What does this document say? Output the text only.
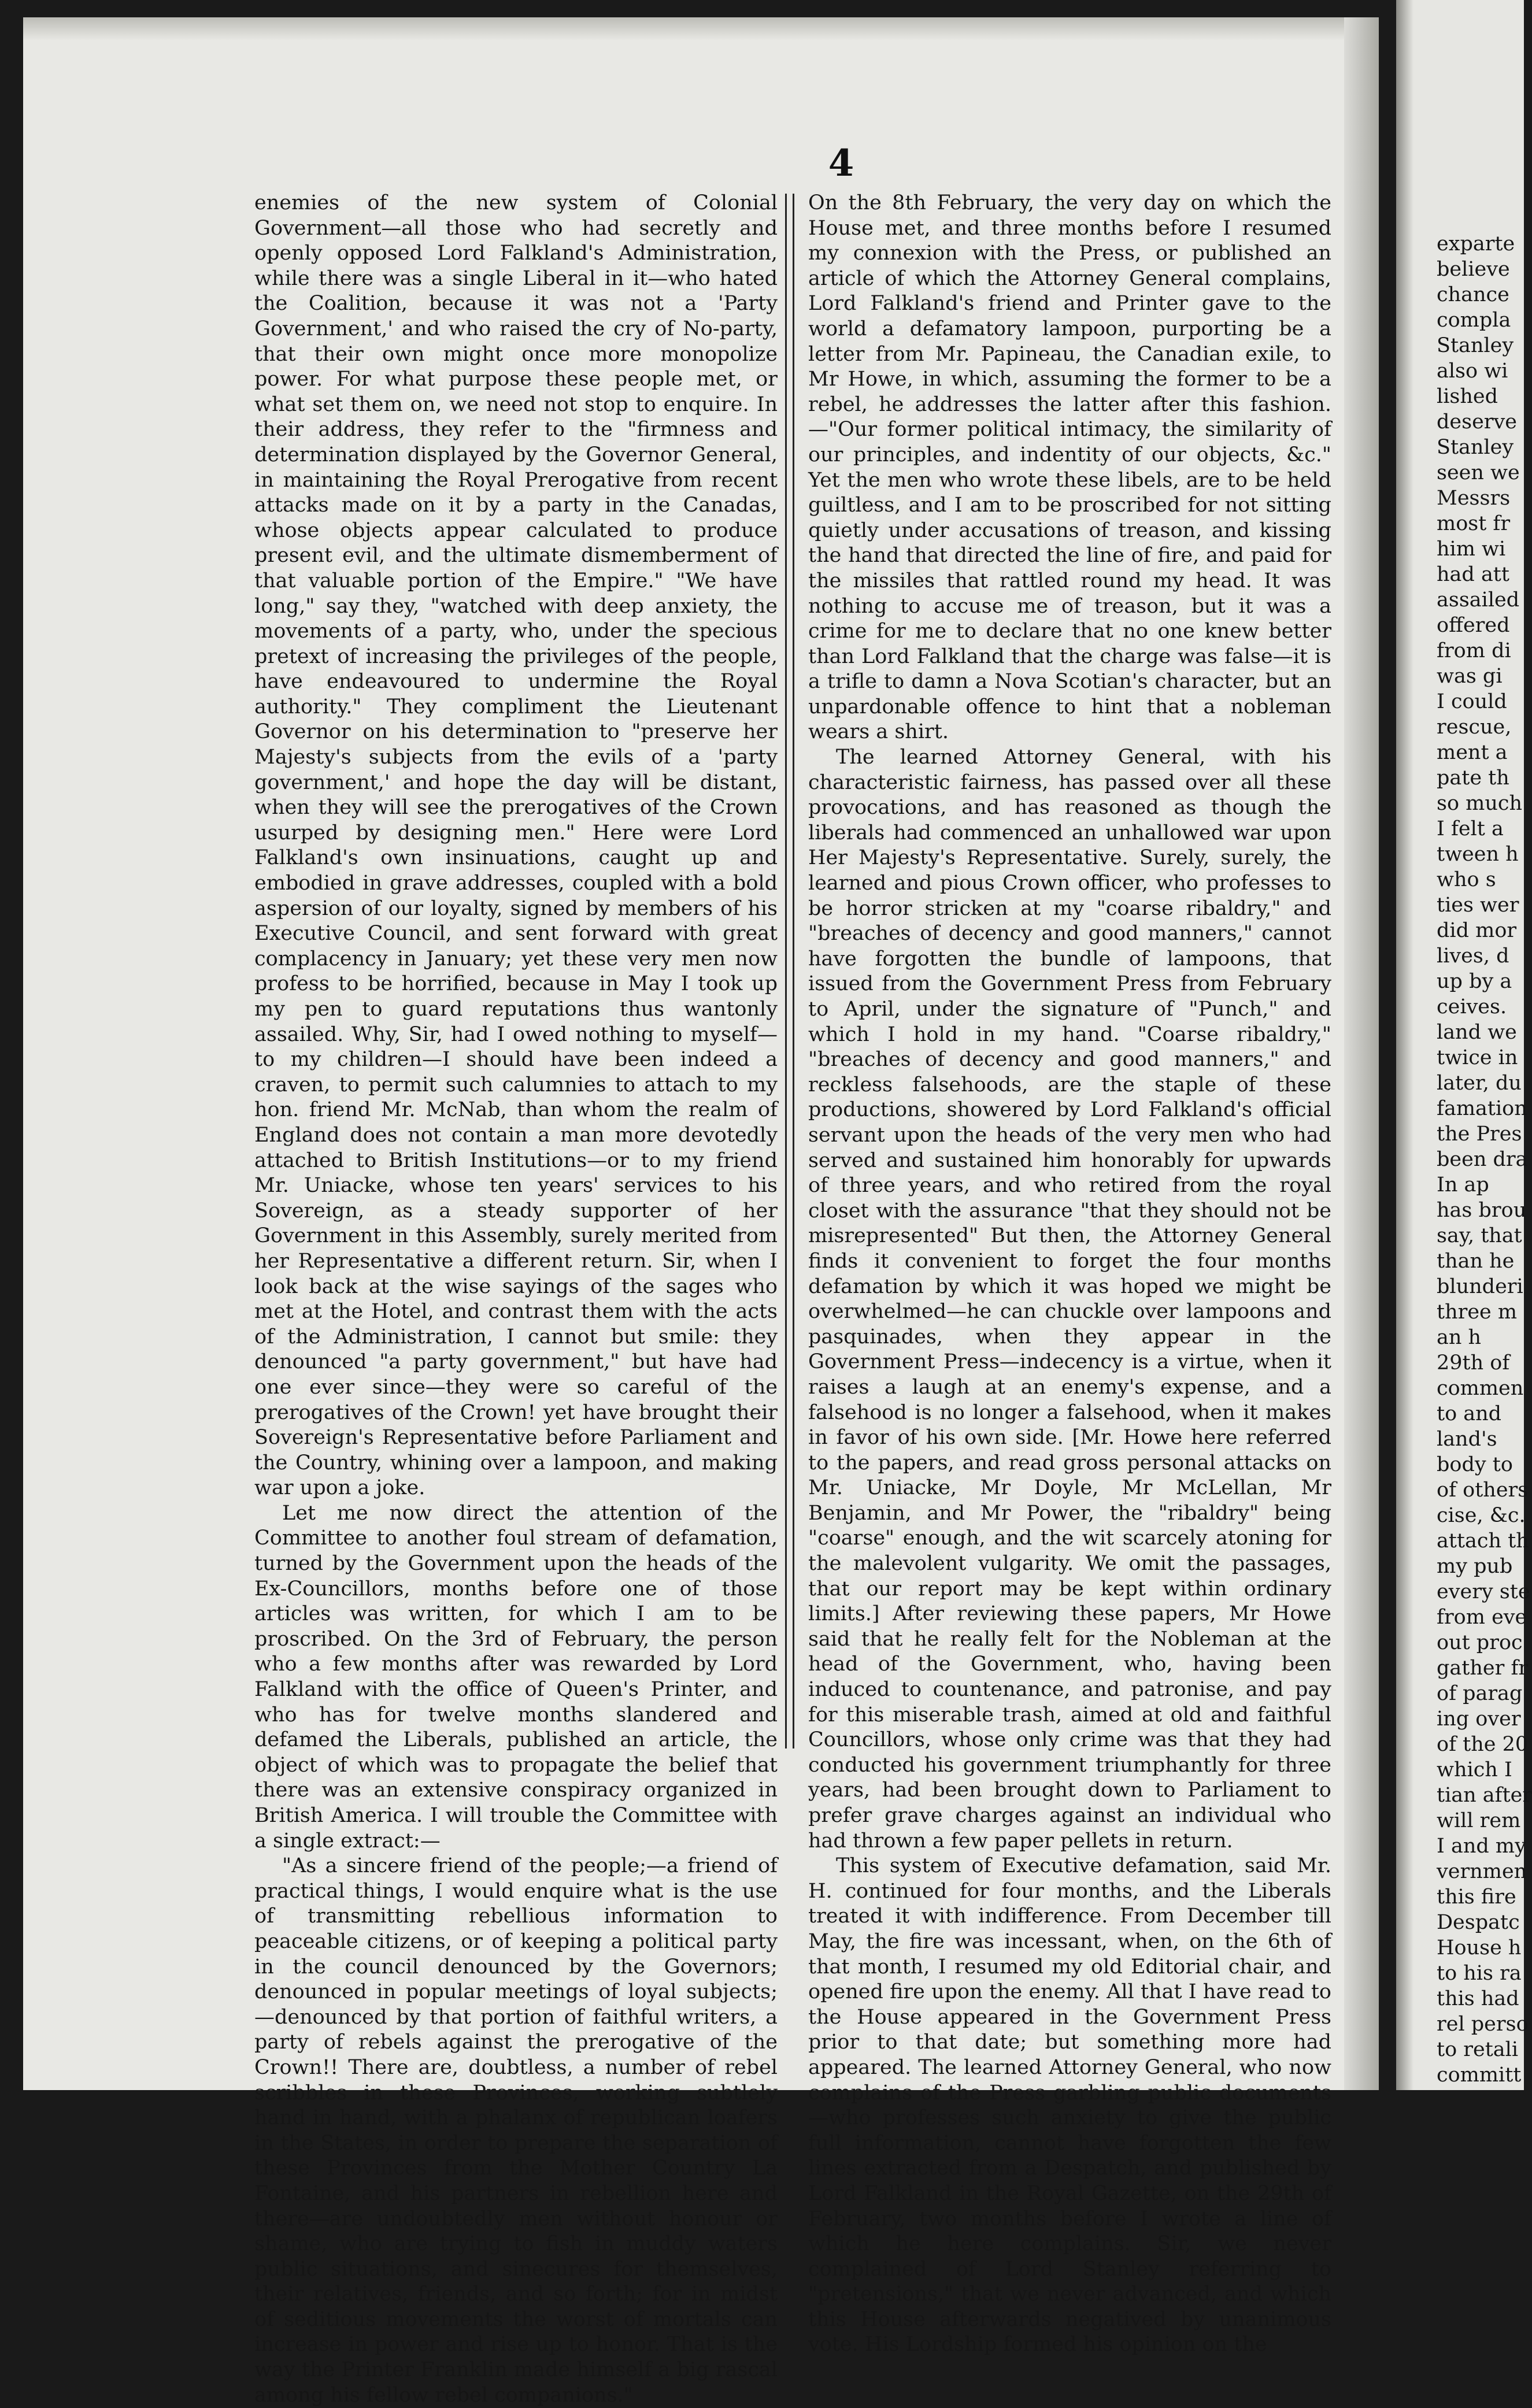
4

enemies of the new system of Colonial Government—all those who had secretly and openly opposed Lord Falkland's Administration, while there was a single Liberal in it—who hated the Coalition, because it was not a 'Party Government,' and who raised the cry of No-party, that their own might once more monopolize power. For what purpose these people met, or what set them on, we need not stop to enquire. In their address, they refer to the "firmness and determination displayed by the Governor General, in maintaining the Royal Prerogative from recent attacks made on it by a party in the Canadas, whose objects appear calculated to produce present evil, and the ultimate dismemberment of that valuable portion of the Empire." "We have long," say they, "watched with deep anxiety, the movements of a party, who, under the specious pretext of increasing the privileges of the people, have endeavoured to undermine the Royal authority." They compliment the Lieutenant Governor on his determination to "preserve her Majesty's subjects from the evils of a 'party government,' and hope the day will be distant, when they will see the prerogatives of the Crown usurped by designing men." Here were Lord Falkland's own insinuations, caught up and embodied in grave addresses, coupled with a bold aspersion of our loyalty, signed by members of his Executive Council, and sent forward with great complacency in January; yet these very men now profess to be horrified, because in May I took up my pen to guard reputations thus wantonly assailed. Why, Sir, had I owed nothing to myself—to my children—I should have been indeed a craven, to permit such calumnies to attach to my hon. friend Mr. McNab, than whom the realm of England does not contain a man more devotedly attached to British Institutions—or to my friend Mr. Uniacke, whose ten years' services to his Sovereign, as a steady supporter of her Government in this Assembly, surely merited from her Representative a different return. Sir, when I look back at the wise sayings of the sages who met at the Hotel, and contrast them with the acts of the Administration, I cannot but smile: they denounced "a party government," but have had one ever since—they were so careful of the prerogatives of the Crown! yet have brought their Sovereign's Representative before Parliament and the Country, whining over a lampoon, and making war upon a joke.

Let me now direct the attention of the Committee to another foul stream of defamation, turned by the Government upon the heads of the Ex-Councillors, months before one of those articles was written, for which I am to be proscribed. On the 3rd of February, the person who a few months after was rewarded by Lord Falkland with the office of Queen's Printer, and who has for twelve months slandered and defamed the Liberals, published an article, the object of which was to propagate the belief that there was an extensive conspiracy organized in British America. I will trouble the Committee with a single extract:—

"As a sincere friend of the people;—a friend of practical things, I would enquire what is the use of transmitting rebellious information to peaceable citizens, or of keeping a political party in the council denounced by the Governors; denounced in popular meetings of loyal subjects;—denounced by that portion of faithful writers, a party of rebels against the prerogative of the Crown!! There are, doubtless, a number of rebel scribbles in these Provinces, working subtlely hand in hand, with a phalanx of republican loafers in the States, in order to prepare the separation of these Provinces from the Mother Country La Fontaine, and his partners in rebellion here and there—are undoubtedly men without honour or shame, who are trying to fish in muddy waters public situations, and sinecures for themselves, their relatives, friends, and so forth; for in midst of seditious movements the worst of mortals can increase in power and rise up to honor. That is the way the Printer Franklin made himself a big rascal among his fellow rebel companions."

On the 8th February, the very day on which the House met, and three months before I resumed my connexion with the Press, or published an article of which the Attorney General complains, Lord Falkland's friend and Printer gave to the world a defamatory lampoon, purporting be a letter from Mr. Papineau, the Canadian exile, to Mr Howe, in which, assuming the former to be a rebel, he addresses the latter after this fashion.—"Our former political intimacy, the similarity of our principles, and indentity of our objects, &c." Yet the men who wrote these libels, are to be held guiltless, and I am to be proscribed for not sitting quietly under accusations of treason, and kissing the hand that directed the line of fire, and paid for the missiles that rattled round my head. It was nothing to accuse me of treason, but it was a crime for me to declare that no one knew better than Lord Falkland that the charge was false—it is a trifle to damn a Nova Scotian's character, but an unpardonable offence to hint that a nobleman wears a shirt.

The learned Attorney General, with his characteristic fairness, has passed over all these provocations, and has reasoned as though the liberals had commenced an unhallowed war upon Her Majesty's Representative. Surely, surely, the learned and pious Crown officer, who professes to be horror stricken at my "coarse ribaldry," and "breaches of decency and good manners," cannot have forgotten the bundle of lampoons, that issued from the Government Press from February to April, under the signature of "Punch," and which I hold in my hand. "Coarse ribaldry," "breaches of decency and good manners," and reckless falsehoods, are the staple of these productions, showered by Lord Falkland's official servant upon the heads of the very men who had served and sustained him honorably for upwards of three years, and who retired from the royal closet with the assurance "that they should not be misrepresented" But then, the Attorney General finds it convenient to forget the four months defamation by which it was hoped we might be overwhelmed—he can chuckle over lampoons and pasquinades, when they appear in the Government Press—indecency is a virtue, when it raises a laugh at an enemy's expense, and a falsehood is no longer a falsehood, when it makes in favor of his own side. [Mr. Howe here referred to the papers, and read gross personal attacks on Mr. Uniacke, Mr Doyle, Mr McLellan, Mr Benjamin, and Mr Power, the "ribaldry" being "coarse" enough, and the wit scarcely atoning for the malevolent vulgarity. We omit the passages, that our report may be kept within ordinary limits.] After reviewing these papers, Mr Howe said that he really felt for the Nobleman at the head of the Government, who, having been induced to countenance, and patronise, and pay for this miserable trash, aimed at old and faithful Councillors, whose only crime was that they had conducted his government triumphantly for three years, had been brought down to Parliament to prefer grave charges against an individual who had thrown a few paper pellets in return.

This system of Executive defamation, said Mr. H. continued for four months, and the Liberals treated it with indifference. From December till May, the fire was incessant, when, on the 6th of that month, I resumed my old Editorial chair, and opened fire upon the enemy. All that I have read to the House appeared in the Government Press prior to that date; but something more had appeared. The learned Attorney General, who now complains of the Press garbling public documents—who professes such anxiety to give the public full information, cannot have forgotten the few lines extracted from a Despatch, and published by Lord Falkland in the Royal Gazette, on the 29th of February, two months before I wrote a line of which he here complains. Sir, we never complained of Lord Stanley referring to "pretensions," that we never advanced, and which this House afterwards negatived by unanimous vote. His Lordship formed his opinion on the

exparte
believe
chance
compla
Stanley
also wi
lished
deserve
Stanley
seen we
Messrs
most fr
him wi
had att
assailed
offered
from di
was gi
I could
rescue,
ment a
pate th
so much
I felt a
tween h
who s
ties wer
did mor
lives, d
up by a
ceives.
land we
twice in
later, du
famation
the Pres
been dra
In ap
has brou
say, that
than he
blunderi
three m
an h
29th of
commen
to and
land's
body to
of others
cise, &c.
attach th
my pub
every ste
from eve
out proc
gather fr
of parag
ing over
of the 20
which I
tian after
will rem
I and my
vernmen
this fire
Despatc
House h
to his ra
this had
rel perso
to retali
committ
